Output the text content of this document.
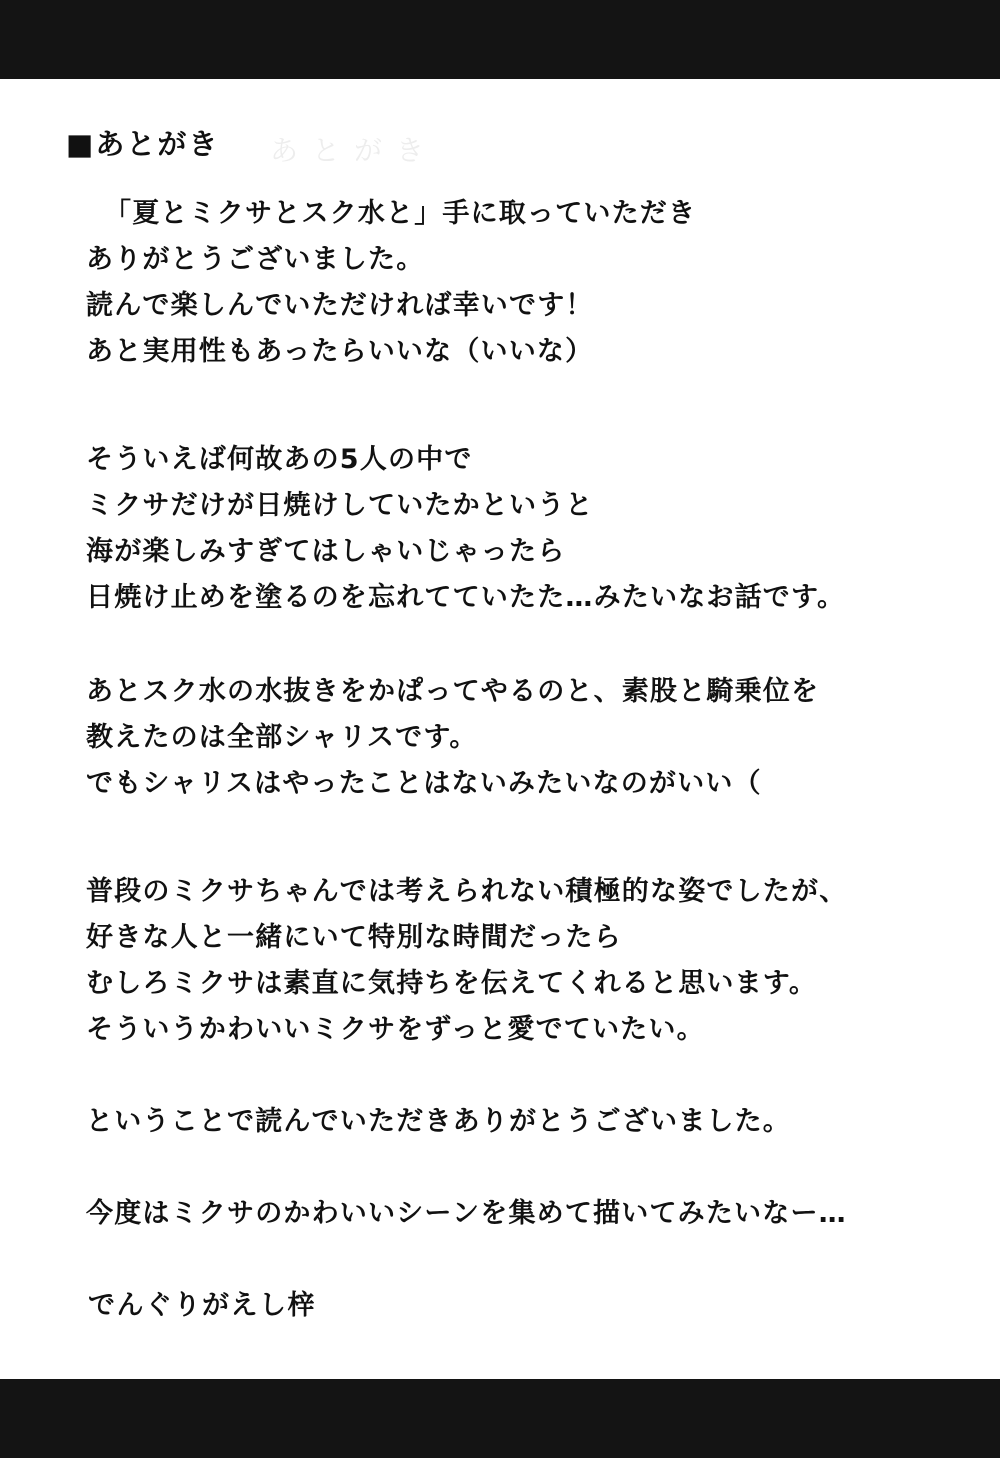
あとがき
■あとがき

「夏とミクサとスク水と」手に取っていただき

ありがとうございました。

読んで楽しんでいただければ幸いです！

あと実用性もあったらいいな（いいな）

そういえば何故あの5人の中で

ミクサだけが日焼けしていたかというと

海が楽しみすぎてはしゃいじゃったら

日焼け止めを塗るのを忘れてていたた…みたいなお話です。

あとスク水の水抜きをかぱってやるのと、素股と騎乗位を

教えたのは全部シャリスです。

でもシャリスはやったことはないみたいなのがいい（

普段のミクサちゃんでは考えられない積極的な姿でしたが、

好きな人と一緒にいて特別な時間だったら

むしろミクサは素直に気持ちを伝えてくれると思います。

そういうかわいいミクサをずっと愛でていたい。

ということで読んでいただきありがとうございました。

今度はミクサのかわいいシーンを集めて描いてみたいなー…

でんぐりがえし梓
